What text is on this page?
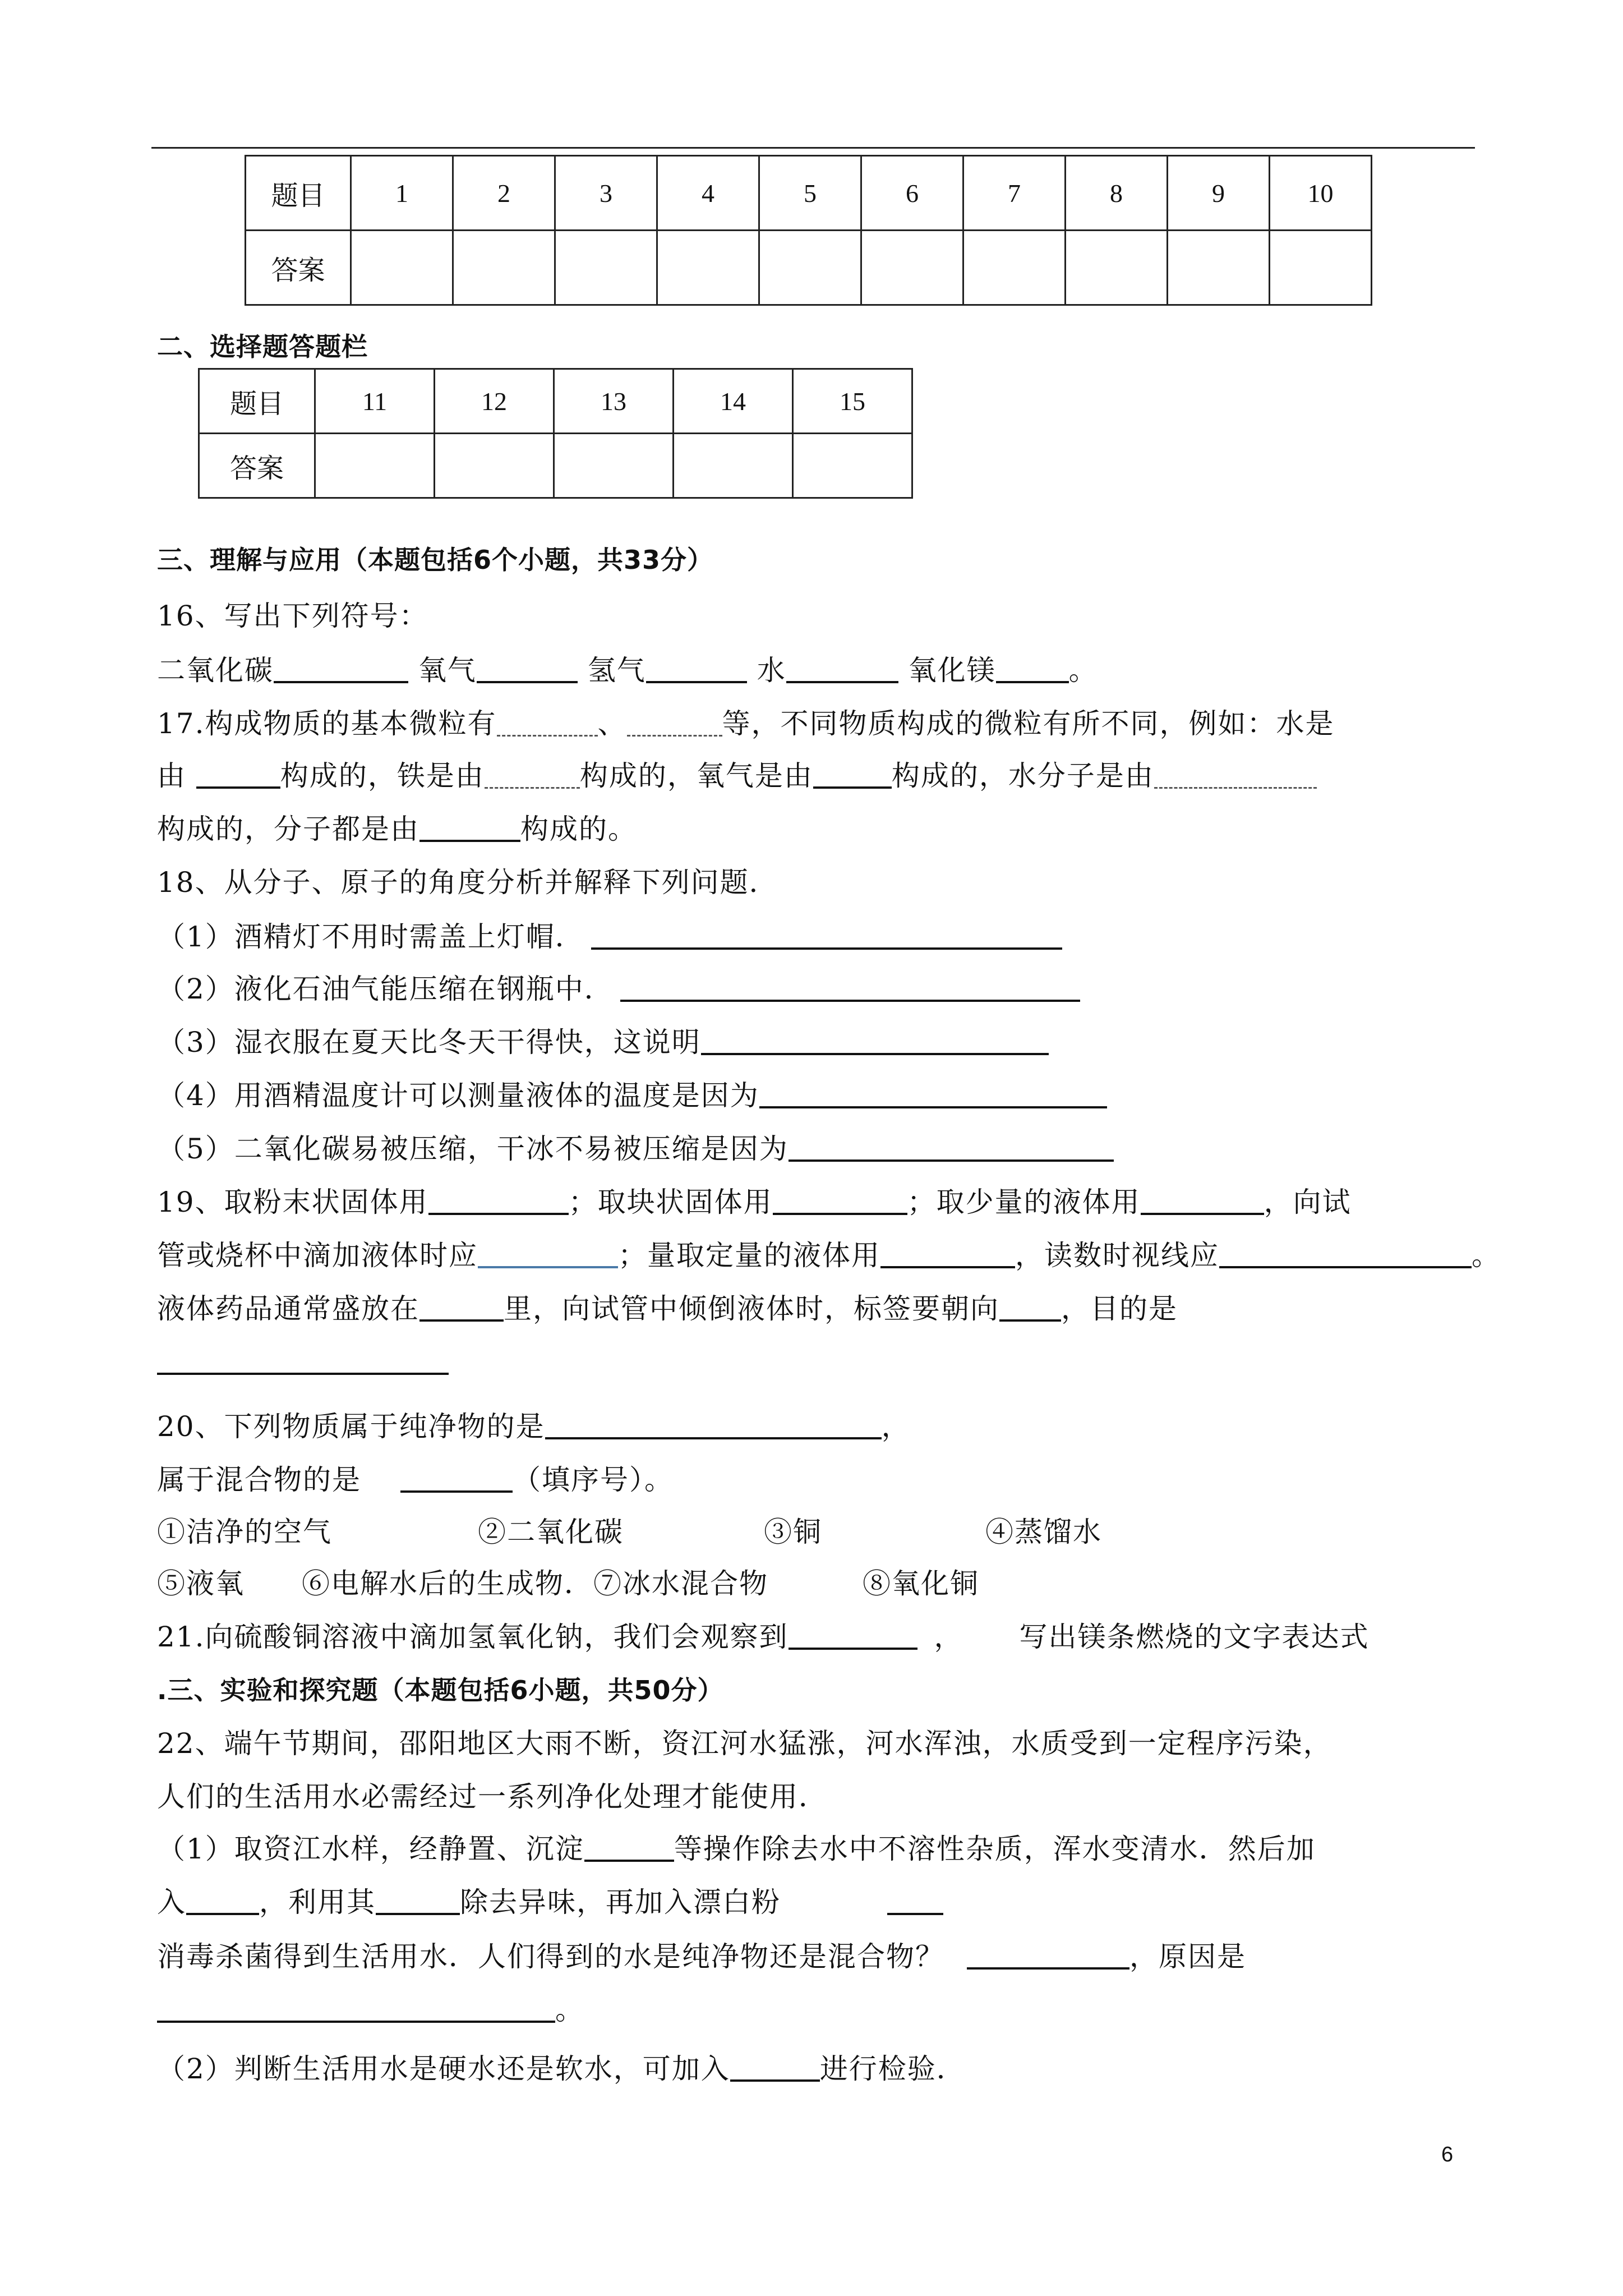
题目	1	2	3	4	5	6	7	8	9	10
答案										
二、选择题答题栏
题目	11	12	13	14	15
答案					
三、理解与应用（本题包括6个小题，共33分）
16、写出下列符号：
二氧化碳	氧气	氢气	水	氧化镁	。
17.构成物质的基本微粒有	、	等，不同物质构成的微粒有所不同，例如：水是
由	构成的，铁是由	构成的，氧气是由	构成的，水分子是由
构成的，分子都是由	构成的。
18、从分子、原子的角度分析并解释下列问题．
（1）酒精灯不用时需盖上灯帽．
（2）液化石油气能压缩在钢瓶中．
（3）湿衣服在夏天比冬天干得快，这说明
（4）用酒精温度计可以测量液体的温度是因为
（5）二氧化碳易被压缩，干冰不易被压缩是因为
19、取粉末状固体用	；取块状固体用	；取少量的液体用	，向试
管或烧杯中滴加液体时应	；量取定量的液体用	，读数时视线应	。
液体药品通常盛放在	里，向试管中倾倒液体时，标签要朝向 ，目的是
20、下列物质属于纯净物的是	，
属于混合物的是	（填序号）。
①洁净的空气	②二氧化碳	③铜	④蒸馏水
⑤液氧 ⑥电解水后的生成物．⑦冰水混合物	⑧氧化铜
21.向硫酸铜溶液中滴加氢氧化钠，我们会观察到	， 写出镁条燃烧的文字表达式
.三、实验和探究题（本题包括6小题，共50分）
22、端午节期间，邵阳地区大雨不断，资江河水猛涨，河水浑浊，水质受到一定程序污染，
人们的生活用水必需经过一系列净化处理才能使用．
（1）取资江水样，经静置、沉淀	等操作除去水中不溶性杂质，浑水变清水．然后加
入	，利用其	除去异味，再加入漂白粉
消毒杀菌得到生活用水．人们得到的水是纯净物还是混合物？	，原因是
。
（2）判断生活用水是硬水还是软水，可加入	进行检验．
6
